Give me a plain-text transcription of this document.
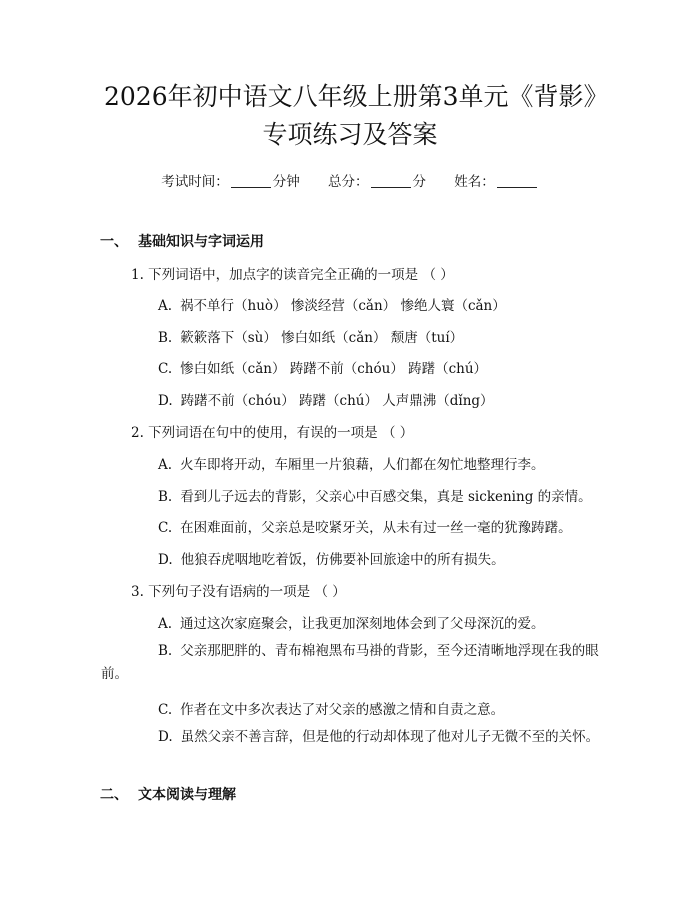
2026年初中语文八年级上册第3单元《背影》专项练习及答案
考试时间：	分钟 总分：	分 姓名：
一、 基础知识与字词运用
1. 下列词语中，加点字的读音完全正确的一项是 （ ）
A. 祸不单行（huò） 惨淡经营（cǎn） 惨绝人寰（cǎn）
B. 簌簌落下（sù） 惨白如纸（cǎn） 颓唐（tuí）
C. 惨白如纸（cǎn） 踌躇不前（chóu） 踌躇（chú）
D. 踌躇不前（chóu） 踌躇（chú） 人声鼎沸（dǐng）
2. 下列词语在句中的使用，有误的一项是 （ ）
A. 火车即将开动，车厢里一片狼藉，人们都在匆忙地整理行李。
B. 看到儿子远去的背影，父亲心中百感交集，真是 sickening 的亲情。
C. 在困难面前，父亲总是咬紧牙关，从未有过一丝一毫的犹豫踌躇。
D. 他狼吞虎咽地吃着饭，仿佛要补回旅途中的所有损失。
3. 下列句子没有语病的一项是 （ ）
A. 通过这次家庭聚会，让我更加深刻地体会到了父母深沉的爱。
B. 父亲那肥胖的、青布棉袍黑布马褂的背影，至今还清晰地浮现在我的眼前。
C. 作者在文中多次表达了对父亲的感激之情和自责之意。
D. 虽然父亲不善言辞，但是他的行动却体现了他对儿子无微不至的关怀。
二、 文本阅读与理解
